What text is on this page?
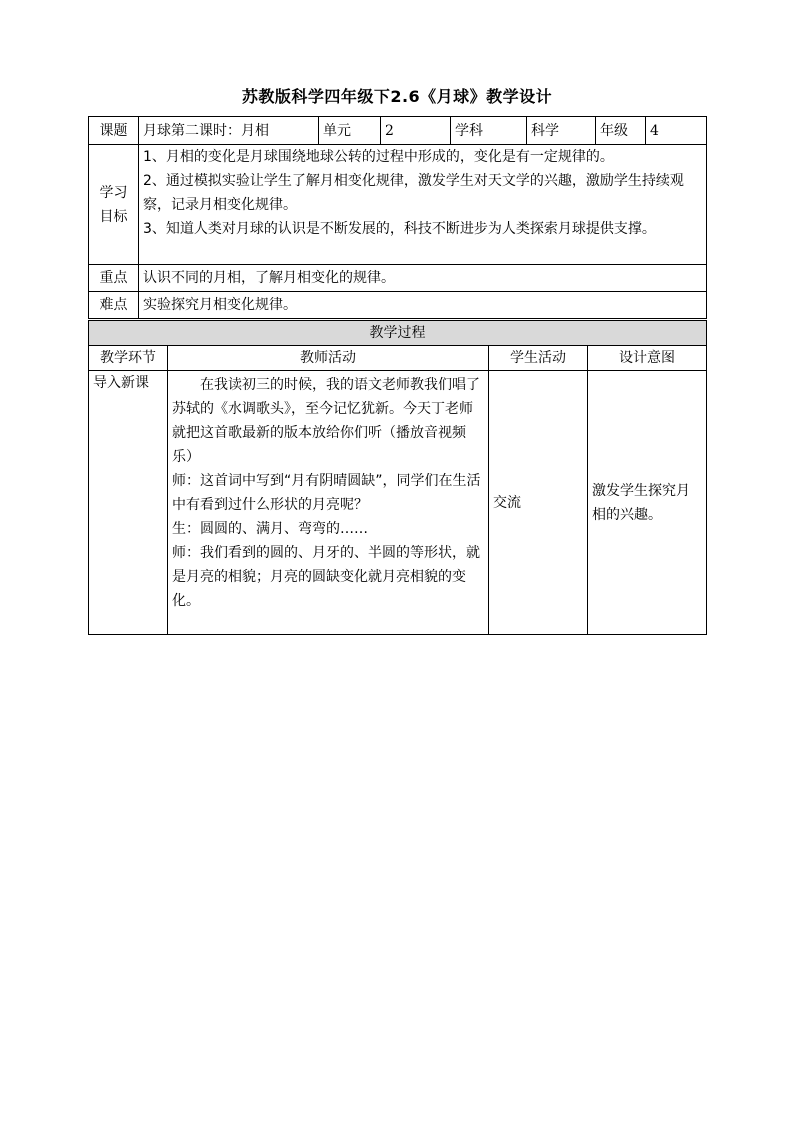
苏教版科学四年级下2.6《月球》教学设计
课题	月球第二课时：月相	单元	2	学科	科学	年级	4
学习目标	1、月相的变化是月球围绕地球公转的过程中形成的，变化是有一定规律的。
2、通过模拟实验让学生了解月相变化规律，激发学生对天文学的兴趣，激励学生持续观察，记录月相变化规律。
3、知道人类对月球的认识是不断发展的，科技不断进步为人类探索月球提供支撑。						

重点	认识不同的月相，了解月相变化的规律。						
难点	实验探究月相变化规律。						
教学过程			
教学环节	教师活动	学生活动	设计意图
导入新课	在我读初三的时候，我的语文老师教我们唱了苏轼的《水调歌头》，至今记忆犹新。今天丁老师就把这首歌最新的版本放给你们听（播放音视频乐）
师：这首词中写到“月有阴晴圆缺”，同学们在生活中有看到过什么形状的月亮呢？
生：圆圆的、满月、弯弯的……
师：我们看到的圆的、月牙的、半圆的等形状，就是月亮的相貌；月亮的圆缺变化就月亮相貌的变化。	交流	激发学生探究月相的兴趣。
